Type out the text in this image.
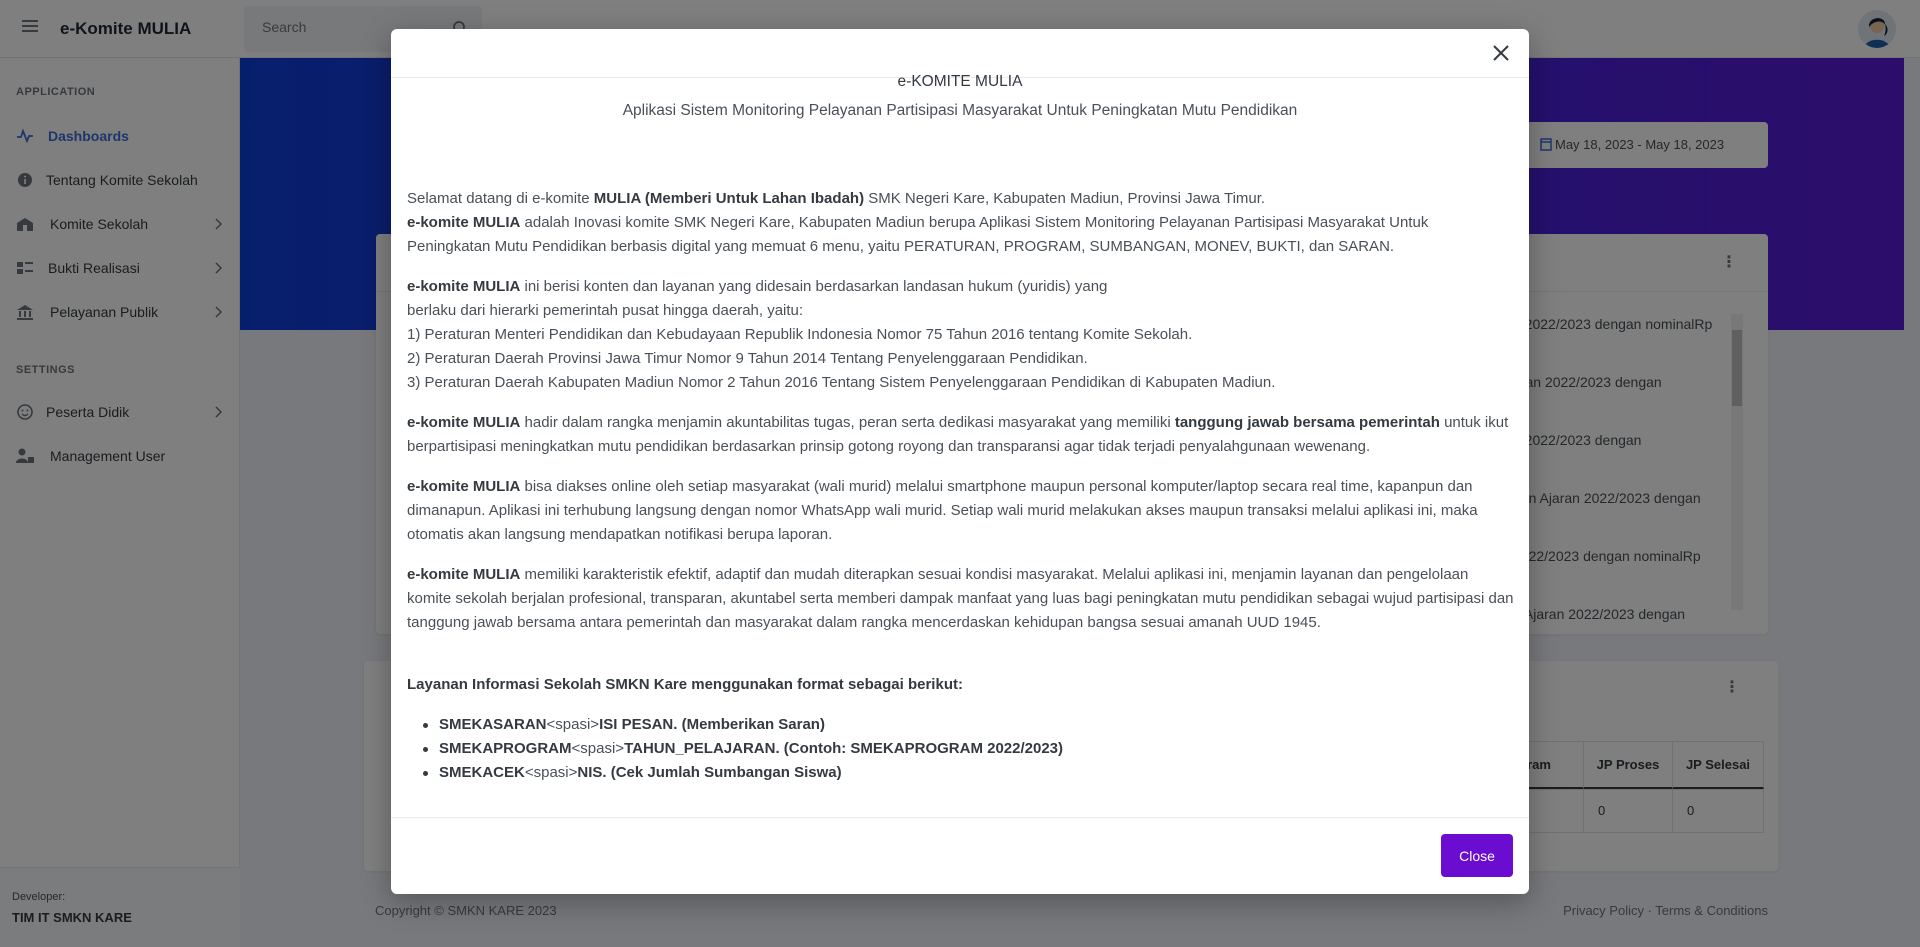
Search
e-KOMITE MULIA
Aplikasi Sistem Monitoring Pelayanan Partisipasi Masyarakat Untuk Peningkatan Mutu Pendidikan
Selamat datang di e-komite MULIA (Memberi Untuk Lahan Ibadah) SMK Negeri Kare, Kabupaten Madiun, Provinsi Jawa Timur.
e-komite MULIA adalah Inovasi komite SMK Negeri Kare, Kabupaten Madiun berupa Aplikasi Sistem Monitoring Pelayanan Partisipasi Masyarakat Untuk Peningkatan Mutu Pendidikan berbasis digital yang memuat 6 menu, yaitu PERATURAN, PROGRAM, SUMBANGAN, MONEV, BUKTI, dan SARAN.
e-komite MULIA ini berisi konten dan layanan yang didesain berdasarkan landasan hukum (yuridis) yang
berlaku dari hierarki pemerintah pusat hingga daerah, yaitu:
1) Peraturan Menteri Pendidikan dan Kebudayaan Republik Indonesia Nomor 75 Tahun 2016 tentang Komite Sekolah.
2) Peraturan Daerah Provinsi Jawa Timur Nomor 9 Tahun 2014 Tentang Penyelenggaraan Pendidikan.
3) Peraturan Daerah Kabupaten Madiun Nomor 2 Tahun 2016 Tentang Sistem Penyelenggaraan Pendidikan di Kabupaten Madiun.
e-komite MULIA hadir dalam rangka menjamin akuntabilitas tugas, peran serta dedikasi masyarakat yang memiliki tanggung jawab bersama pemerintah untuk ikut berpartisipasi meningkatkan mutu pendidikan berdasarkan prinsip gotong royong dan transparansi agar tidak terjadi penyalahgunaan wewenang.
e-komite MULIA bisa diakses online oleh setiap masyarakat (wali murid) melalui smartphone maupun personal komputer/laptop secara real time, kapanpun dan dimanapun. Aplikasi ini terhubung langsung dengan nomor WhatsApp wali murid. Setiap wali murid melakukan akses maupun transaksi melalui aplikasi ini, maka otomatis akan langsung mendapatkan notifikasi berupa laporan.
e-komite MULIA memiliki karakteristik efektif, adaptif dan mudah diterapkan sesuai kondisi masyarakat. Melalui aplikasi ini, menjamin layanan dan pengelolaan komite sekolah berjalan profesional, transparan, akuntabel serta memberi dampak manfaat yang luas bagi peningkatan mutu pendidikan sebagai wujud partisipasi dan tanggung jawab bersama antara pemerintah dan masyarakat dalam rangka mencerdaskan kehidupan bangsa sesuai amanah UUD 1945.
Layanan Informasi Sekolah SMKN Kare menggunakan format sebagai berikut:
SMEKASARAN<spasi>ISI PESAN. (Memberikan Saran)
SMEKAPROGRAM<spasi>TAHUN_PELAJARAN. (Contoh: SMEKAPROGRAM 2022/2023)
SMEKACEK<spasi>NIS. (Cek Jumlah Sumbangan Siswa)
Close
